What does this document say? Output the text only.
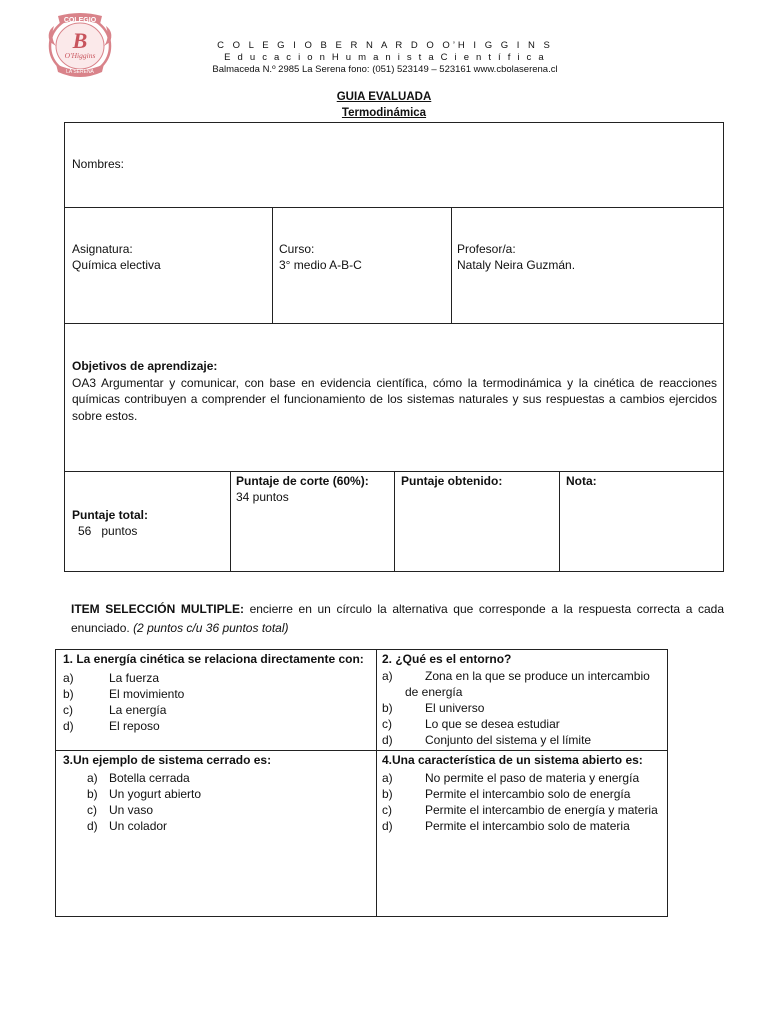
COLEGIO
B
O'Higgins
LA SERENA
C O L E G I O B E R N A R D O O’H I G G I N S
E d u c a c i o n H u m a n i s t a C i e n t í f i c a
Balmaceda N.º 2985 La Serena fono: (051) 523149 – 523161 www.cbolaserena.cl
GUIA EVALUADA
Termodinámica
Nombres:
Asignatura:
Química electiva
Curso:
3° medio A-B-C
Profesor/a:
Nataly Neira Guzmán.
Objetivos de aprendizaje:
OA3 Argumentar y comunicar, con base en evidencia científica, cómo la termodinámica y la cinética de reacciones químicas contribuyen a comprender el funcionamiento de los sistemas naturales y sus respuestas a cambios ejercidos sobre estos.
Puntaje total:
56   puntos
Puntaje de corte (60%):
34 puntos
Puntaje obtenido:	Nota:
ITEM SELECCIÓN MULTIPLE: encierre en un círculo la alternativa que corresponde a la respuesta correcta a cada enunciado. (2 puntos c/u 36 puntos total)
1. La energía cinética se relaciona directamente con:
a)	La fuerza
b)	El movimiento
c)	La energía
d)	El reposo
2. ¿Qué es el entorno?
a)	Zona en la que se produce un intercambio de energía
b)	El universo
c)	Lo que se desea estudiar
d)	Conjunto del sistema y el límite
3.Un ejemplo de sistema cerrado es:
a) Botella cerrada
b) Un yogurt abierto
c)	Un vaso
d) Un colador
4.Una característica de un sistema abierto es:
a)	No permite el paso de materia y energía
b)	Permite el intercambio solo de energía
c)	Permite el intercambio de energía y materia
d)	Permite el intercambio solo de materia
